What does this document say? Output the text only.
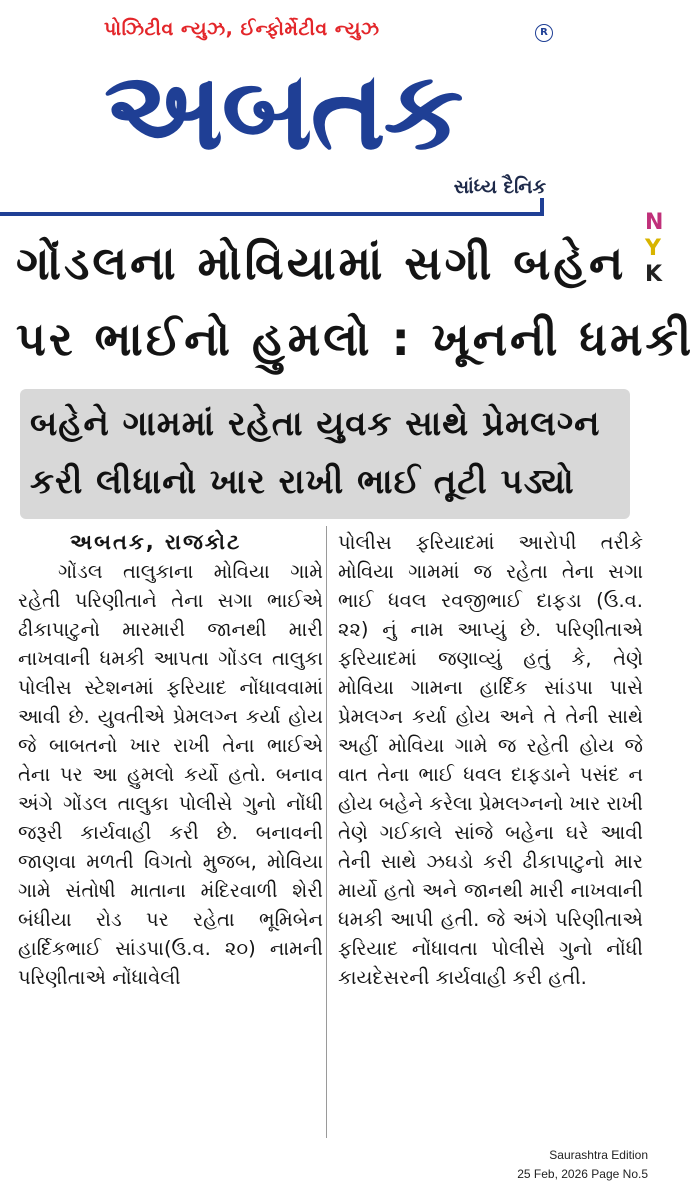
પોઝિટીવ ન્યુઝ, ઈન્ફોર્મેટીવ ન્યુઝ	R
અબતક
સાંધ્ય દૈનિક
N
Y
K
ગોંડલના મોવિયામાં સગી બહેન
પર ભાઈનો હુમલો : ખૂનની ધમકી
બહેને ગામમાં રહેતા યુવક સાથે પ્રેમલગ્ન
કરી લીધાનો ખાર રાખી ભાઈ તૂટી પડ્યો

અબતક, રાજકોટ

ગોંડલ તાલુકાના મોવિયા ગામે રહેતી પરિણીતાને તેના સગા ભાઈએ ઢીકાપાટુનો મારમારી જાનથી મારી નાખવાની ધમકી આપતા ગોંડલ તાલુકા પોલીસ સ્ટેશનમાં ફરિયાદ નોંધાવવામાં આવી છે. યુવતીએ પ્રેમલગ્ન કર્યા હોય જે બાબતનો ખાર રાખી તેના ભાઈએ તેના પર આ હુમલો કર્યો હતો. બનાવ અંગે ગોંડલ તાલુકા પોલીસે ગુનો નોંધી જરૂરી કાર્યવાહી કરી છે. બનાવની જાણવા મળતી વિગતો મુજબ, મોવિયા ગામે સંતોષી માતાના મંદિરવાળી શેરી બંધીયા રોડ પર રહેતા ભૂમિબેન હાર્દિકભાઈ સાંડપા(ઉ.વ. ૨૦) નામની પરિણીતાએ નોંધાવેલી

પોલીસ ફરિયાદમાં આરોપી તરીકે મોવિયા ગામમાં જ રહેતા તેના સગા ભાઈ ધવલ રવજીભાઈ દાફડા (ઉ.વ. ૨૨) નું નામ આપ્યું છે. પરિણીતાએ ફરિયાદમાં જણાવ્યું હતું કે, તેણે મોવિયા ગામના હાર્દિક સાંડપા પાસે પ્રેમલગ્ન કર્યા હોય અને તે તેની સાથે અહીં મોવિયા ગામે જ રહેતી હોય જે વાત તેના ભાઈ ધવલ દાફડાને પસંદ ન હોય બહેને કરેલા પ્રેમલગ્નનો ખાર રાખી તેણે ગઈકાલે સાંજે બહેના ઘરે આવી તેની સાથે ઝઘડો કરી ઢીકાપાટુનો માર માર્યો હતો અને જાનથી મારી નાખવાની ધમકી આપી હતી. જે અંગે પરિણીતાએ ફરિયાદ નોંધાવતા પોલીસે ગુનો નોંધી કાયદેસરની કાર્યવાહી કરી હતી.

Saurashtra Edition
25 Feb, 2026 Page No.5
